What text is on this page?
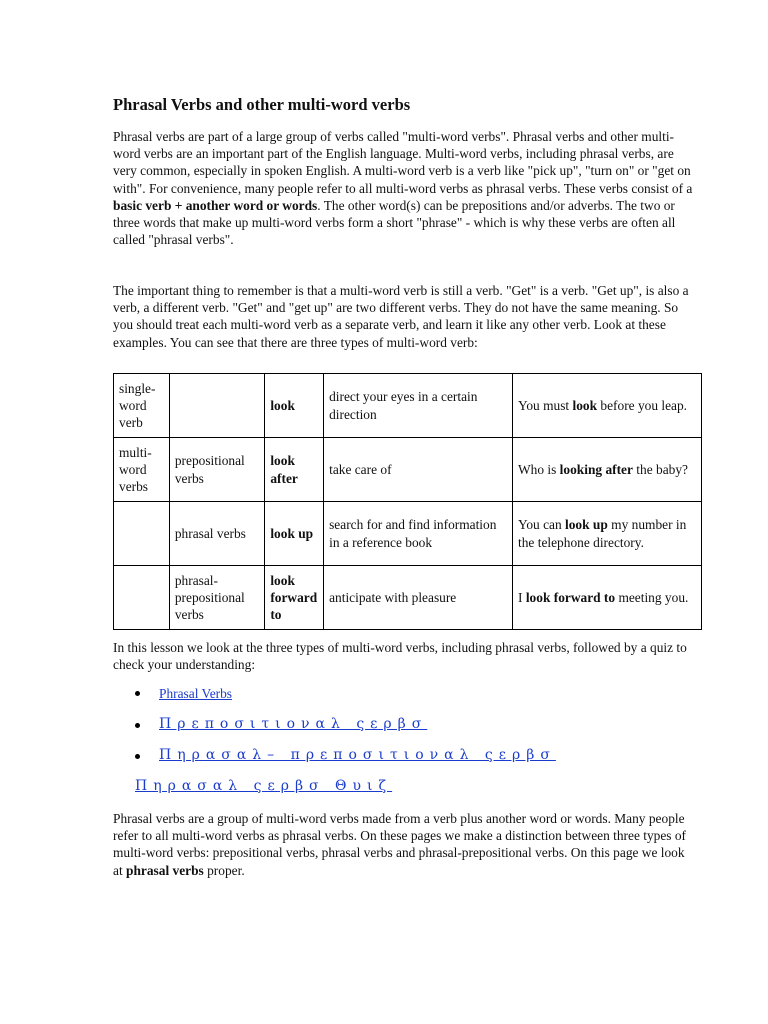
Phrasal Verbs and other multi-word verbs

Phrasal verbs are part of a large group of verbs called "multi-word verbs". Phrasal verbs and other multi-word verbs are an important part of the English language. Multi-word verbs, including phrasal verbs, are very common, especially in spoken English. A multi-word verb is a verb like "pick up", "turn on" or "get on with". For convenience, many people refer to all multi-word verbs as phrasal verbs. These verbs consist of a basic verb + another word or words. The other word(s) can be prepositions and/or adverbs. The two or three words that make up multi-word verbs form a short "phrase" - which is why these verbs are often all called "phrasal verbs".

The important thing to remember is that a multi-word verb is still a verb. "Get" is a verb. "Get up", is also a verb, a different verb. "Get" and "get up" are two different verbs. They do not have the same meaning. So you should treat each multi-word verb as a separate verb, and learn it like any other verb. Look at these examples. You can see that there are three types of multi-word verb:

single-word verb		look	direct your eyes in a certain direction	You must look before you leap.
multi-word verbs	prepositional verbs	look after	take care of	Who is looking after the baby?
	phrasal verbs	look up	search for and find information in a reference book	You can look up my number in the telephone directory.
	phrasal-prepositional verbs	look forward to	anticipate with pleasure	I look forward to meeting you.

In this lesson we look at the three types of multi-word verbs, including phrasal verbs, followed by a quiz to check your understanding:

Phrasal Verbs
Πρεποσιτιοναλ ςερβσ
Πηρασαλ– πρεποσιτιοναλ ςερβσ
Πηρασαλ ςερβσ Θυιζ

Phrasal verbs are a group of multi-word verbs made from a verb plus another word or words. Many people refer to all multi-word verbs as phrasal verbs. On these pages we make a distinction between three types of multi-word verbs: prepositional verbs, phrasal verbs and phrasal-prepositional verbs. On this page we look at phrasal verbs proper.
